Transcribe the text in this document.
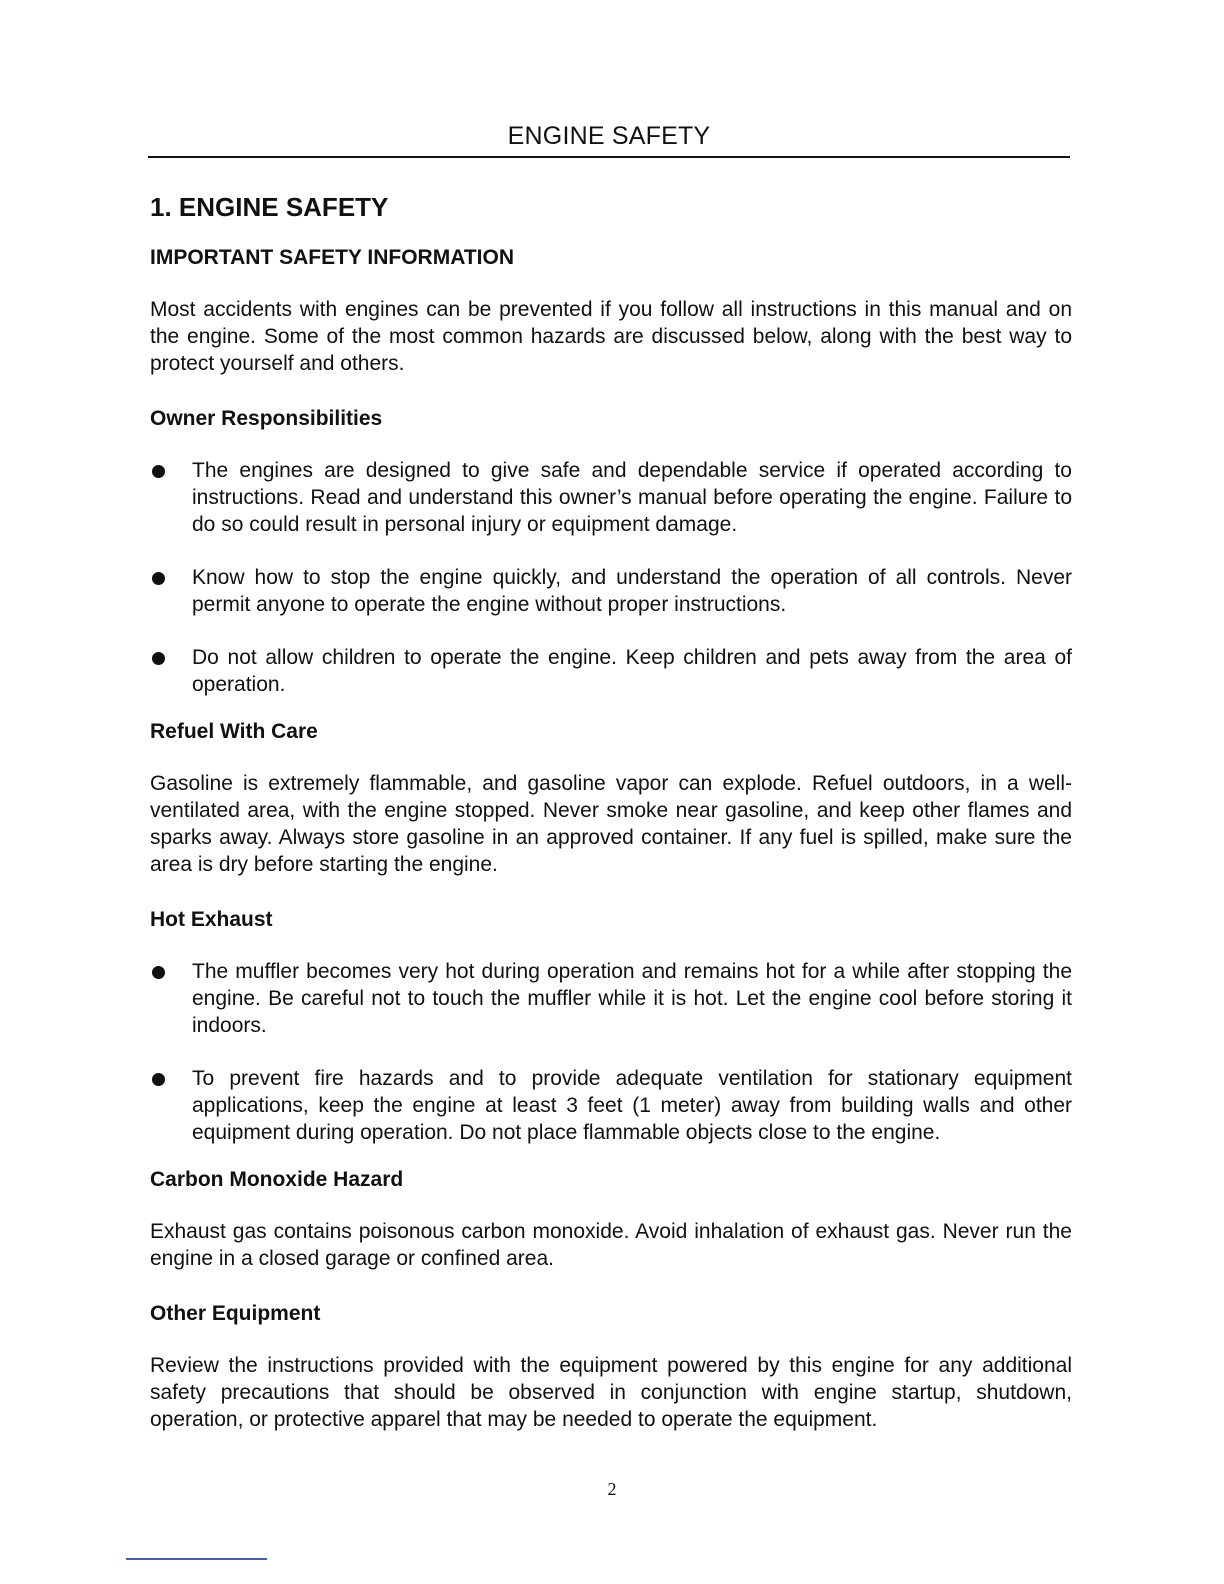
ENGINE SAFETY
1. ENGINE SAFETY
IMPORTANT SAFETY INFORMATION

Most accidents with engines can be prevented if you follow all instructions in this manual and on the engine. Some of the most common hazards are discussed below, along with the best way to protect yourself and others.

Owner Responsibilities

The engines are designed to give safe and dependable service if operated according to instructions. Read and understand this owner’s manual before operating the engine. Failure to do so could result in personal injury or equipment damage.

Know how to stop the engine quickly, and understand the operation of all controls. Never permit anyone to operate the engine without proper instructions.

Do not allow children to operate the engine. Keep children and pets away from the area of operation.

Refuel With Care

Gasoline is extremely flammable, and gasoline vapor can explode. Refuel outdoors, in a well-ventilated area, with the engine stopped. Never smoke near gasoline, and keep other flames and sparks away. Always store gasoline in an approved container. If any fuel is spilled, make sure the area is dry before starting the engine.

Hot Exhaust

The muffler becomes very hot during operation and remains hot for a while after stopping the engine. Be careful not to touch the muffler while it is hot. Let the engine cool before storing it indoors.

To prevent fire hazards and to provide adequate ventilation for stationary equipment applications, keep the engine at least 3 feet (1 meter) away from building walls and other equipment during operation. Do not place flammable objects close to the engine.

Carbon Monoxide Hazard

Exhaust gas contains poisonous carbon monoxide. Avoid inhalation of exhaust gas. Never run the engine in a closed garage or confined area.

Other Equipment

Review the instructions provided with the equipment powered by this engine for any additional safety precautions that should be observed in conjunction with engine startup, shutdown, operation, or protective apparel that may be needed to operate the equipment.

2
